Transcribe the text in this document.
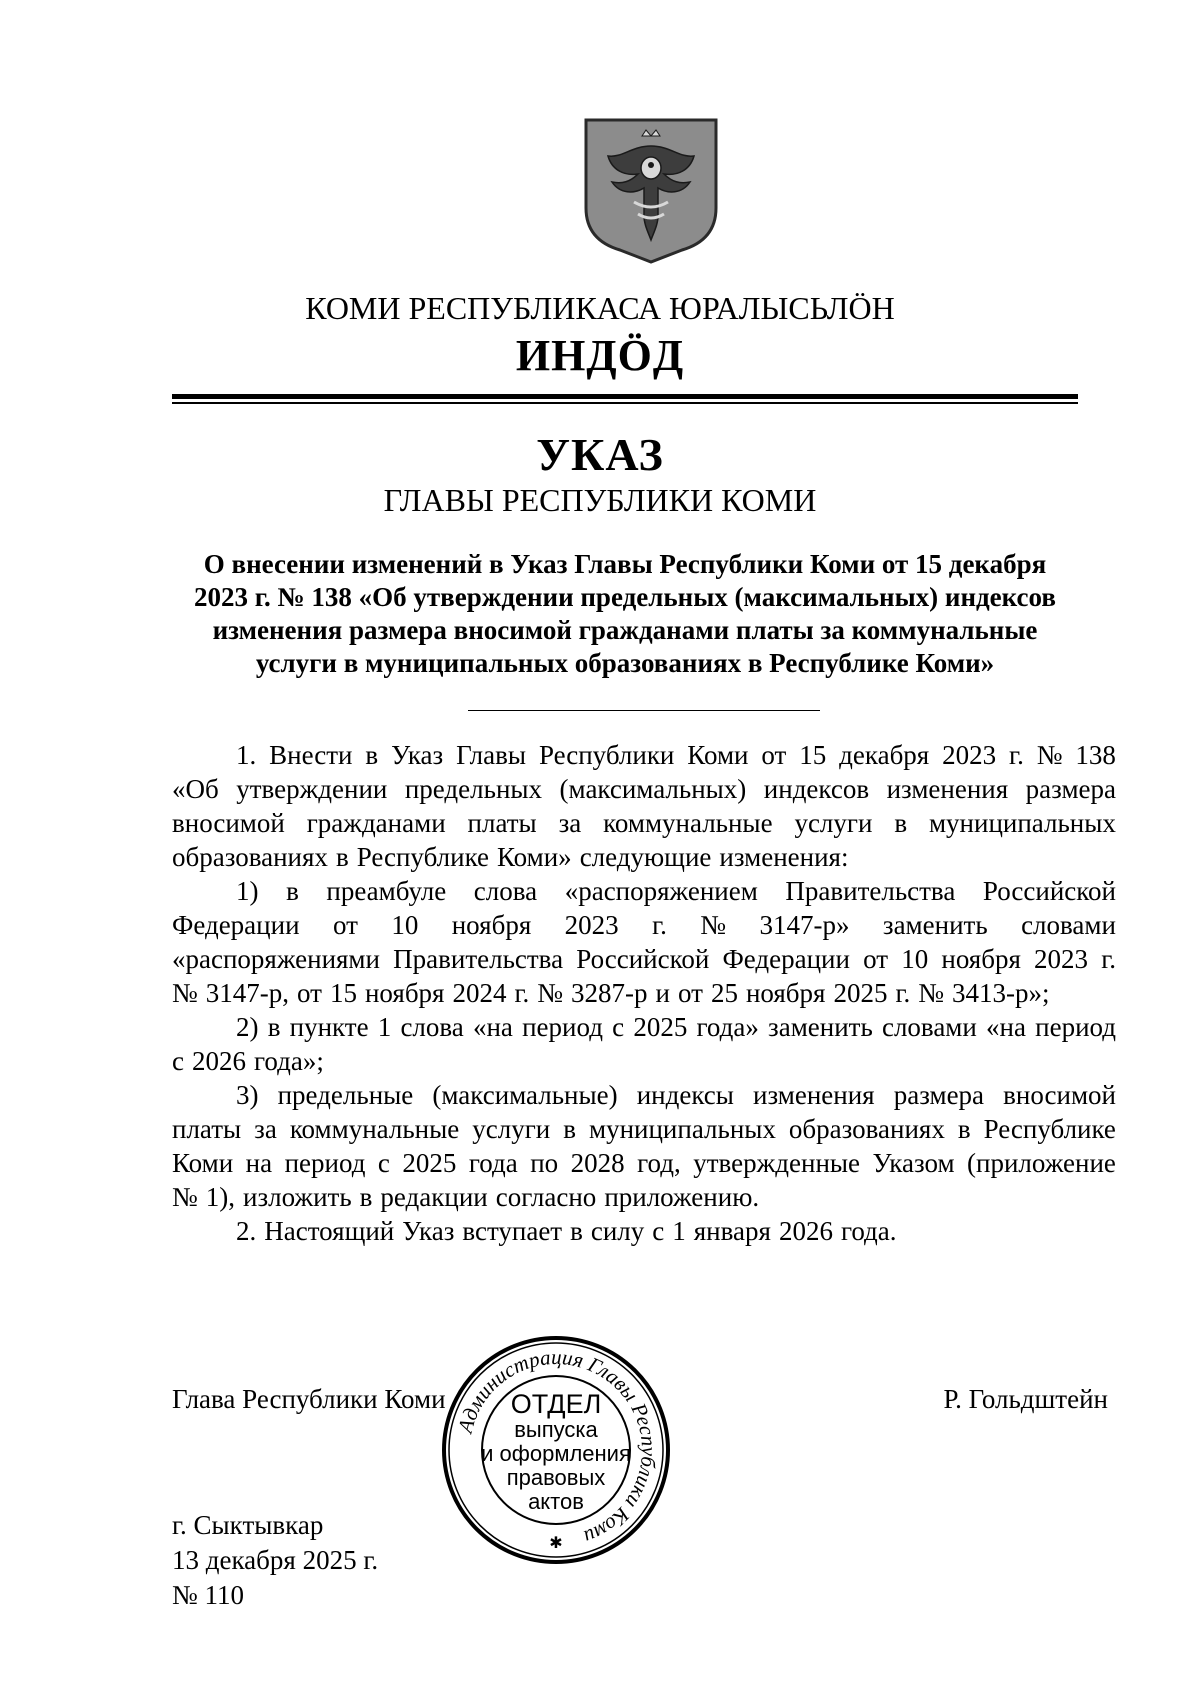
КОМИ РЕСПУБЛИКАСА ЮРАЛЫСЬЛӦН
ИНДӦД
УКАЗ
ГЛАВЫ РЕСПУБЛИКИ КОМИ
О внесении изменений в Указ Главы Республики Коми от 15 декабря
2023 г. № 138 «Об утверждении предельных (максимальных) индексов
изменения размера вносимой гражданами платы за коммунальные
услуги в муниципальных образованиях в Республике Коми»
1. Внести в Указ Главы Республики Коми от 15 декабря 2023 г. № 138
«Об утверждении предельных (максимальных) индексов изменения размера
вносимой гражданами платы за коммунальные услуги в муниципальных
образованиях в Республике Коми» следующие изменения:
1) в преамбуле слова «распоряжением Правительства Российской
Федерации от 10 ноября 2023 г. № 3147-р» заменить словами
«распоряжениями Правительства Российской Федерации от 10 ноября 2023 г.
№ 3147-р, от 15 ноября 2024 г. № 3287-р и от 25 ноября 2025 г. № 3413-р»;
2) в пункте 1 слова «на период с 2025 года» заменить словами «на период
с 2026 года»;
3) предельные (максимальные) индексы изменения размера вносимой
платы за коммунальные услуги в муниципальных образованиях в Республике
Коми на период с 2025 года по 2028 год, утвержденные Указом (приложение
№ 1), изложить в редакции согласно приложению.
2. Настоящий Указ вступает в силу с 1 января 2026 года.
Глава Республики Коми	Р. Гольдштейн
г. Сыктывкар
13 декабря 2025 г.
№ 110
Администрация Главы Республики Коми
✱
ОТДЕЛ
выпуска
и оформления
правовых
актов
